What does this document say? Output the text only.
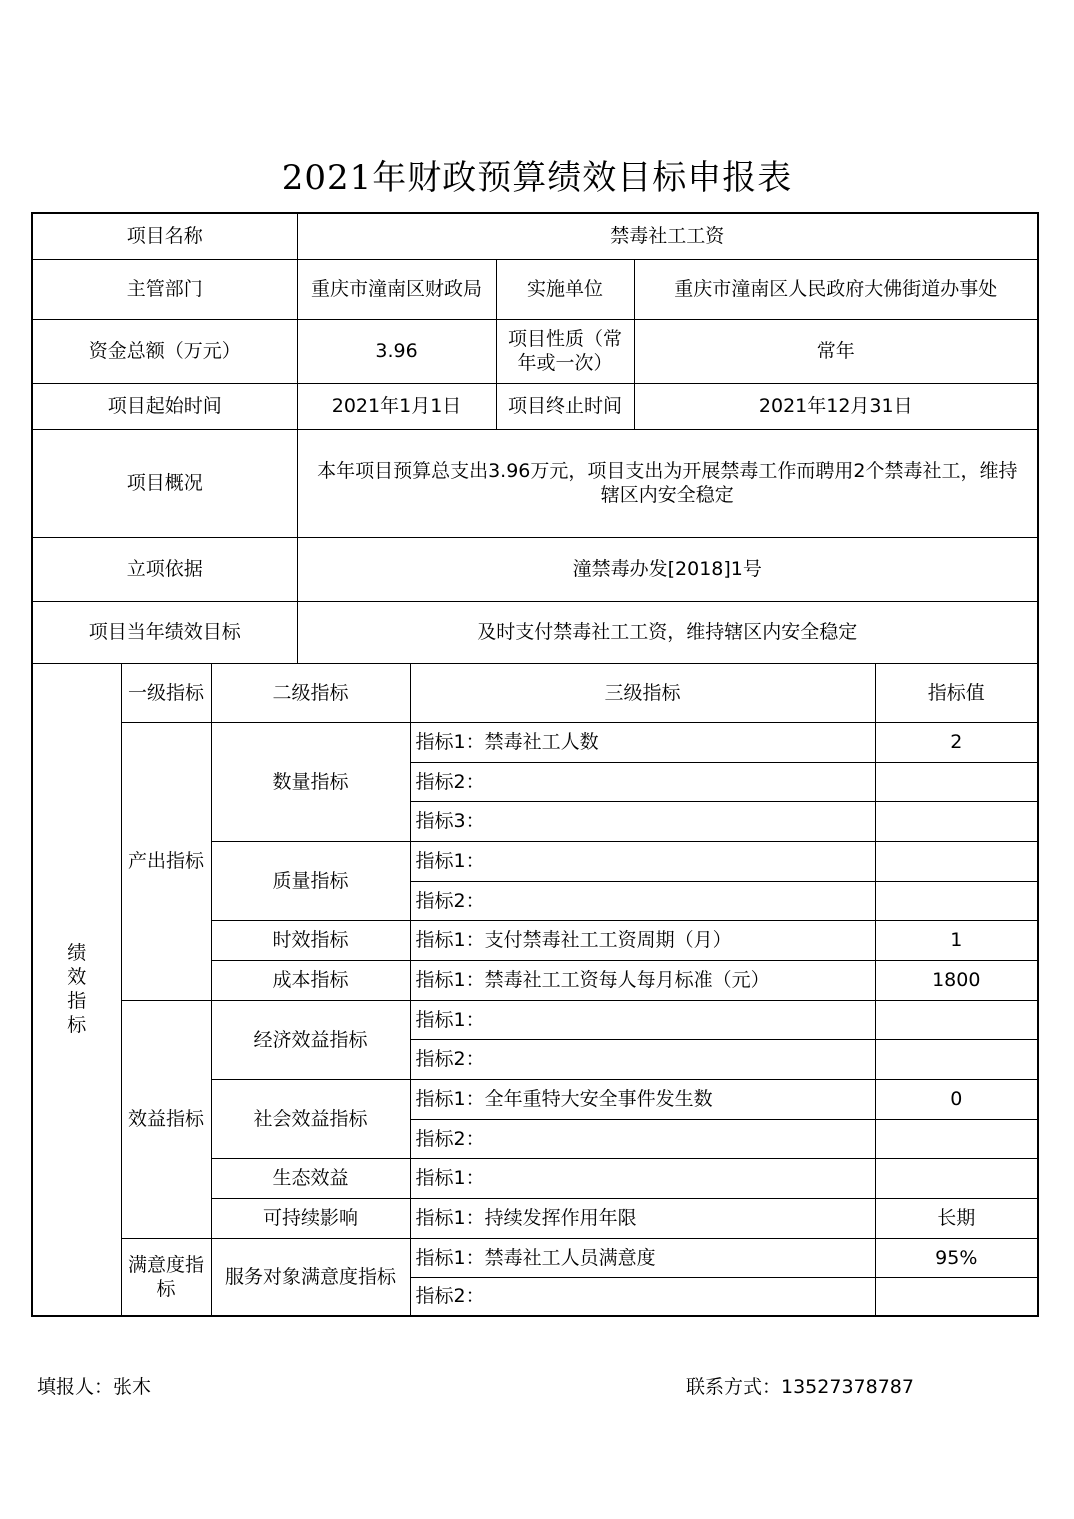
2021年财政预算绩效目标申报表
项目名称			禁毒社工工资				
主管部门			重庆市潼南区财政局		实施单位	重庆市潼南区人民政府大佛街道办事处	
资金总额（万元）			3.96		项目性质（常年或一次）	常年	
项目起始时间			2021年1月1日		项目终止时间	2021年12月31日	
项目概况			本年项目预算总支出3.96万元，项目支出为开展禁毒工作而聘用2个禁毒社工，维持辖区内安全稳定				
立项依据			潼禁毒办发[2018]1号				
项目当年绩效目标			及时支付禁毒社工工资，维持辖区内安全稳定				

绩效指标	一级指标	二级指标		三级指标			指标值
	产出指标	数量指标		指标1：禁毒社工人数			2
				指标2：			
				指标3：			
		质量指标		指标1：			
				指标2：			
		时效指标		指标1：支付禁毒社工工资周期（月）			1
		成本指标		指标1：禁毒社工工资每人每月标准（元）			1800
	效益指标	经济效益指标		指标1：			
				指标2：			
		社会效益指标		指标1：全年重特大安全事件发生数			0
				指标2：			
		生态效益		指标1：			
		可持续影响		指标1：持续发挥作用年限			长期
	满意度指标	服务对象满意度指标		指标1：禁毒社工人员满意度			95%
				指标2：			
填报人：张木	联系方式：13527378787
